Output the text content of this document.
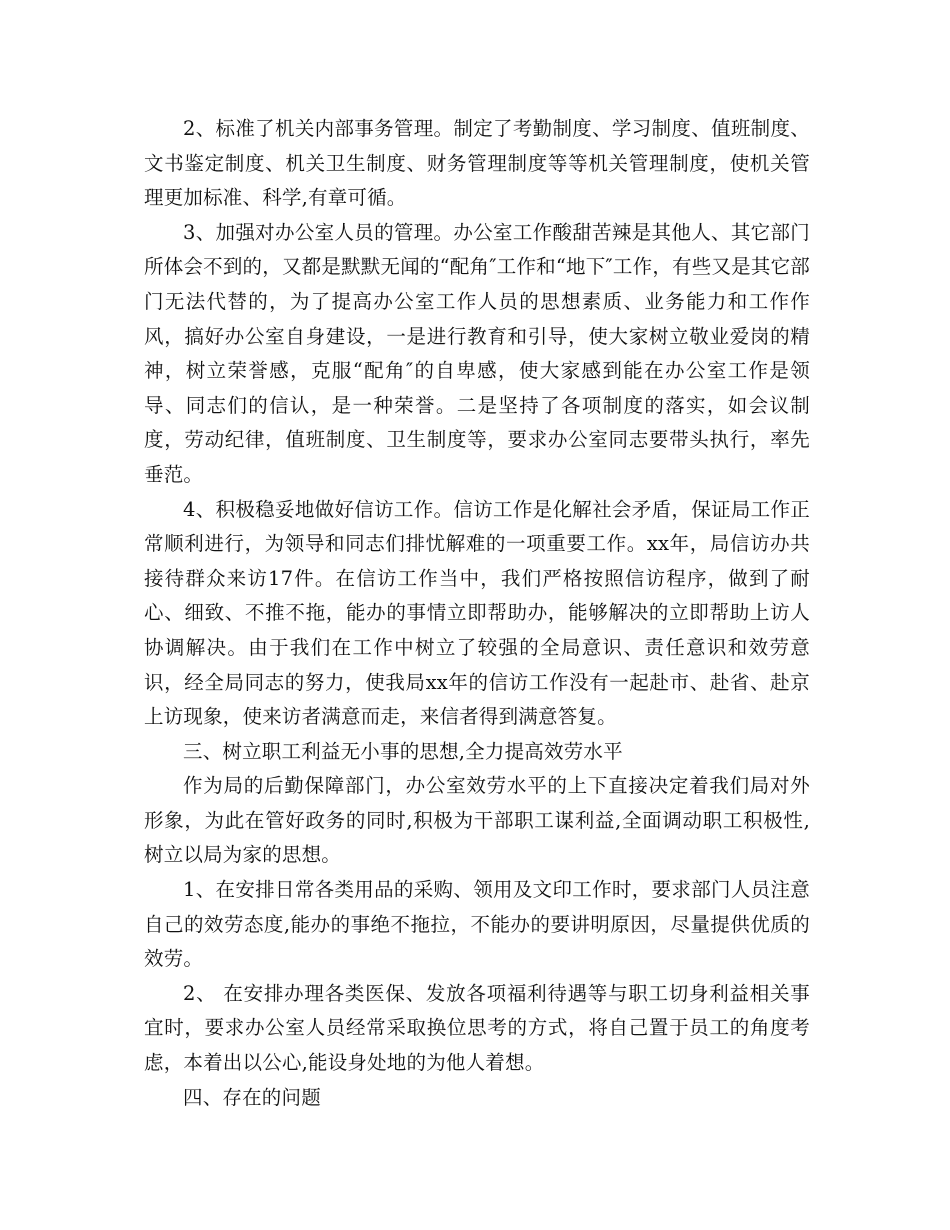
2、标准了机关内部事务管理。制定了考勤制度、学习制度、值班制度、文书鉴定制度、机关卫生制度、财务管理制度等等机关管理制度，使机关管理更加标准、科学,有章可循。

3、加强对办公室人员的管理。办公室工作酸甜苦辣是其他人、其它部门所体会不到的，又都是默默无闻的“配角″工作和“地下″工作，有些又是其它部门无法代替的，为了提高办公室工作人员的思想素质、业务能力和工作作风，搞好办公室自身建设，一是进行教育和引导，使大家树立敬业爱岗的精神，树立荣誉感，克服“配角″的自卑感，使大家感到能在办公室工作是领导、同志们的信认，是一种荣誉。二是坚持了各项制度的落实，如会议制度，劳动纪律，值班制度、卫生制度等，要求办公室同志要带头执行，率先垂范。

4、积极稳妥地做好信访工作。信访工作是化解社会矛盾，保证局工作正常顺利进行，为领导和同志们排忧解难的一项重要工作。xx年，局信访办共接待群众来访17件。在信访工作当中，我们严格按照信访程序，做到了耐心、细致、不推不拖，能办的事情立即帮助办，能够解决的立即帮助上访人协调解决。由于我们在工作中树立了较强的全局意识、责任意识和效劳意识，经全局同志的努力，使我局xx年的信访工作没有一起赴市、赴省、赴京上访现象，使来访者满意而走，来信者得到满意答复。

三、树立职工利益无小事的思想,全力提高效劳水平

作为局的后勤保障部门，办公室效劳水平的上下直接决定着我们局对外形象，为此在管好政务的同时,积极为干部职工谋利益,全面调动职工积极性,树立以局为家的思想。

1、在安排日常各类用品的采购、领用及文印工作时，要求部门人员注意自己的效劳态度,能办的事绝不拖拉，不能办的要讲明原因，尽量提供优质的效劳。

2、 在安排办理各类医保、发放各项福利待遇等与职工切身利益相关事宜时，要求办公室人员经常采取换位思考的方式，将自己置于员工的角度考虑，本着出以公心,能设身处地的为他人着想。

四、存在的问题
